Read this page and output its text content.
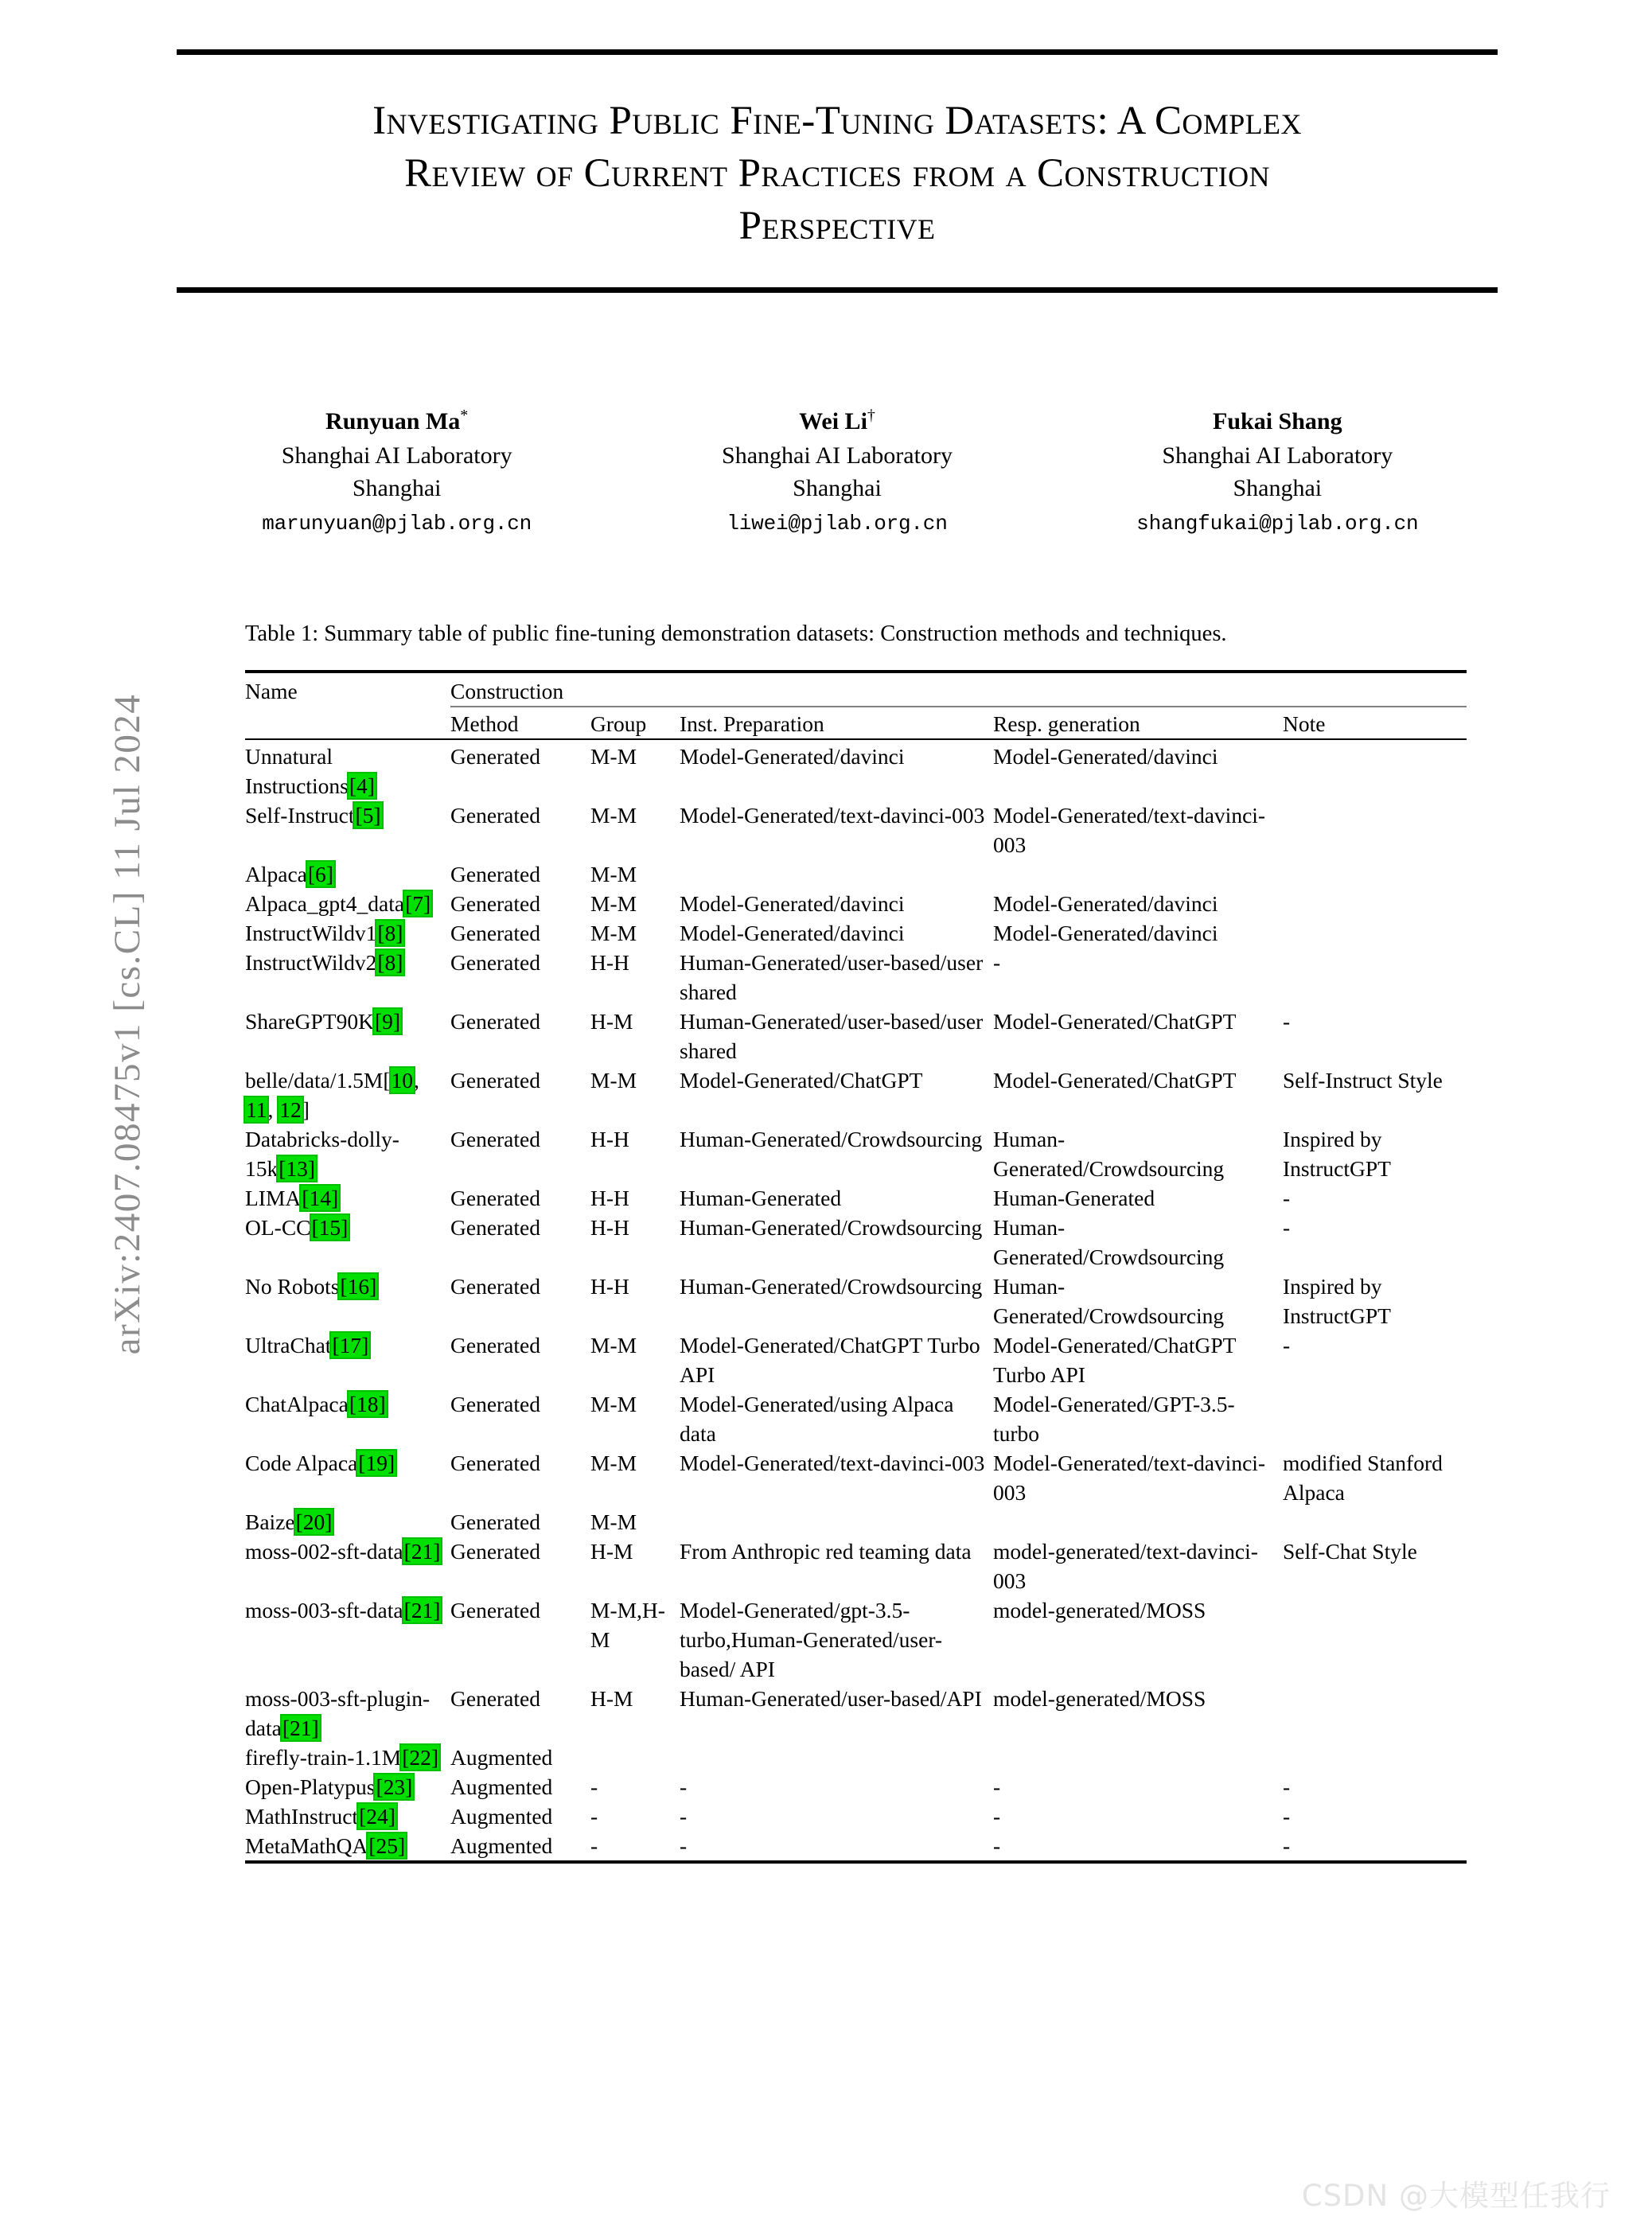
arXiv:2407.08475v1 [cs.CL] 11 Jul 2024
Investigating Public Fine-Tuning Datasets: A Complex
Review of Current Practices from a Construction
Perspective
Runyuan Ma*
Shanghai AI Laboratory
Shanghai
marunyuan@pjlab.org.cn
Wei Li†
Shanghai AI Laboratory
Shanghai
liwei@pjlab.org.cn
Fukai Shang
Shanghai AI Laboratory
Shanghai
shangfukai@pjlab.org.cn
Table 1: Summary table of public fine-tuning demonstration datasets: Construction methods and techniques.

Name	Construction				

	Method	Group	Inst. Preparation	Resp. generation	Note

Unnatural Instructions[4]	Generated	M-M	Model-Generated/davinci	Model-Generated/davinci	
Self-Instruct[5]	Generated	M-M	Model-Generated/text-davinci-003	Model-Generated/text-davinci-003	
Alpaca[6]	Generated	M-M			
Alpaca_gpt4_data[7]	Generated	M-M	Model-Generated/davinci	Model-Generated/davinci	
InstructWildv1[8]	Generated	M-M	Model-Generated/davinci	Model-Generated/davinci	
InstructWildv2[8]	Generated	H-H	Human-Generated/user-based/user shared	-	
ShareGPT90K[9]	Generated	H-M	Human-Generated/user-based/user shared	Model-Generated/ChatGPT	-
belle/data/1.5M[10, 11, 12]	Generated	M-M	Model-Generated/ChatGPT	Model-Generated/ChatGPT	Self-Instruct Style
Databricks-dolly-15k[13]	Generated	H-H	Human-Generated/Crowdsourcing	Human-Generated/Crowdsourcing	Inspired by InstructGPT
LIMA[14]	Generated	H-H	Human-Generated	Human-Generated	-
OL-CC[15]	Generated	H-H	Human-Generated/Crowdsourcing	Human-Generated/Crowdsourcing	-
No Robots[16]	Generated	H-H	Human-Generated/Crowdsourcing	Human-Generated/Crowdsourcing	Inspired by InstructGPT
UltraChat[17]	Generated	M-M	Model-Generated/ChatGPT Turbo API	Model-Generated/ChatGPT Turbo API	-
ChatAlpaca[18]	Generated	M-M	Model-Generated/using Alpaca data	Model-Generated/GPT-3.5-turbo	
Code Alpaca[19]	Generated	M-M	Model-Generated/text-davinci-003	Model-Generated/text-davinci-003	modified Stanford Alpaca
Baize[20]	Generated	M-M			
moss-002-sft-data[21]	Generated	H-M	From Anthropic red teaming data	model-generated/text-davinci-003	Self-Chat Style
moss-003-sft-data[21]	Generated	M-M,H-M	Model-Generated/gpt-3.5-turbo,Human-Generated/user-based/ API	model-generated/MOSS	
moss-003-sft-plugin-data[21]	Generated	H-M	Human-Generated/user-based/API	model-generated/MOSS	
firefly-train-1.1M[22]	Augmented				
Open-Platypus[23]	Augmented	-	-	-	-
MathInstruct[24]	Augmented	-	-	-	-
MetaMathQA[25]	Augmented	-	-	-	-

CSDN @大模型任我行
